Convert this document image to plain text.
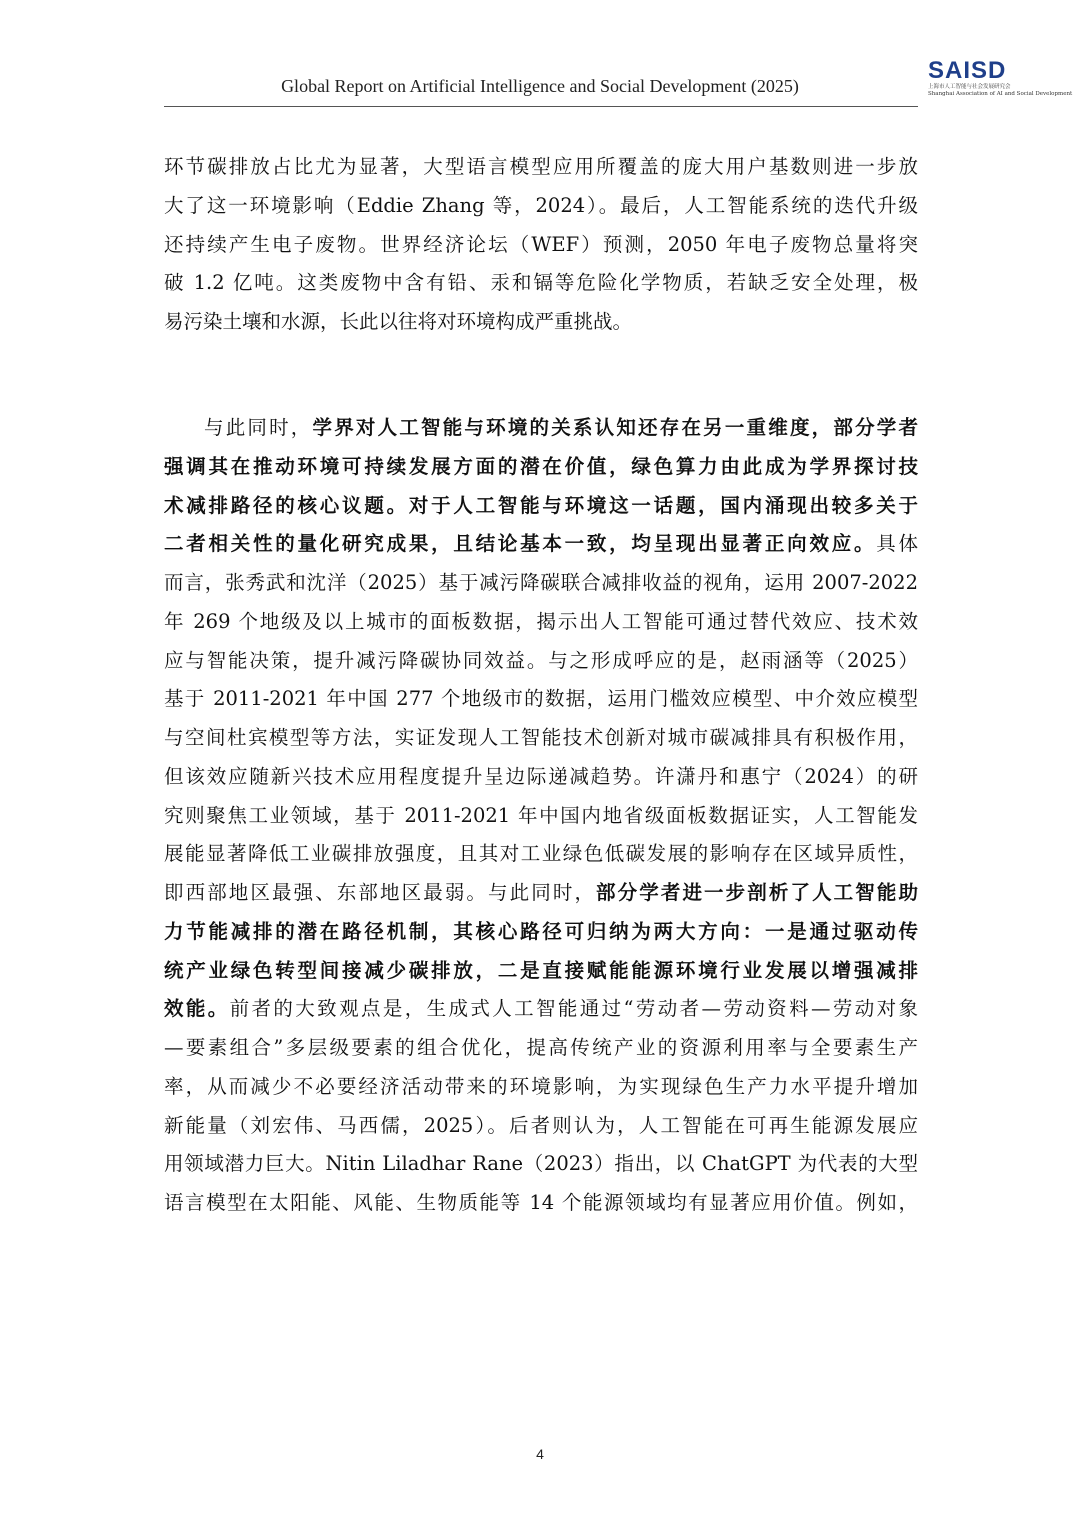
Global Report on Artificial Intelligence and Social Development (2025)
SAISD
上海市人工智能与社会发展研究会
Shanghai Association of AI and Social Development
环节碳排放占比尤为显著，大型语言模型应用所覆盖的庞大用户基数则进一步放
大了这一环境影响（Eddie Zhang 等，2024）。最后，人工智能系统的迭代升级
还持续产生电子废物。世界经济论坛（WEF）预测，2050 年电子废物总量将突
破 1.2 亿吨。这类废物中含有铅、汞和镉等危险化学物质，若缺乏安全处理，极
易污染土壤和水源，长此以往将对环境构成严重挑战。
与此同时，学界对人工智能与环境的关系认知还存在另一重维度，部分学者
强调其在推动环境可持续发展方面的潜在价值，绿色算力由此成为学界探讨技
术减排路径的核心议题。对于人工智能与环境这一话题，国内涌现出较多关于
二者相关性的量化研究成果，且结论基本一致，均呈现出显著正向效应。具体
而言，张秀武和沈洋（2025）基于减污降碳联合减排收益的视角，运用 2007-2022
年 269 个地级及以上城市的面板数据，揭示出人工智能可通过替代效应、技术效
应与智能决策，提升减污降碳协同效益。与之形成呼应的是，赵雨涵等（2025）
基于 2011-2021 年中国 277 个地级市的数据，运用门槛效应模型、中介效应模型
与空间杜宾模型等方法，实证发现人工智能技术创新对城市碳减排具有积极作用，
但该效应随新兴技术应用程度提升呈边际递减趋势。许潇丹和惠宁（2024）的研
究则聚焦工业领域，基于 2011-2021 年中国内地省级面板数据证实，人工智能发
展能显著降低工业碳排放强度，且其对工业绿色低碳发展的影响存在区域异质性，
即西部地区最强、东部地区最弱。与此同时，部分学者进一步剖析了人工智能助
力节能减排的潜在路径机制，其核心路径可归纳为两大方向：一是通过驱动传
统产业绿色转型间接减少碳排放，二是直接赋能能源环境行业发展以增强减排
效能。前者的大致观点是，生成式人工智能通过“劳动者—劳动资料—劳动对象
—要素组合”多层级要素的组合优化，提高传统产业的资源利用率与全要素生产
率，从而减少不必要经济活动带来的环境影响，为实现绿色生产力水平提升增加
新能量（刘宏伟、马西儒，2025）。后者则认为，人工智能在可再生能源发展应
用领域潜力巨大。Nitin Liladhar Rane（2023）指出，以 ChatGPT 为代表的大型
语言模型在太阳能、风能、生物质能等 14 个能源领域均有显著应用价值。例如，
4
